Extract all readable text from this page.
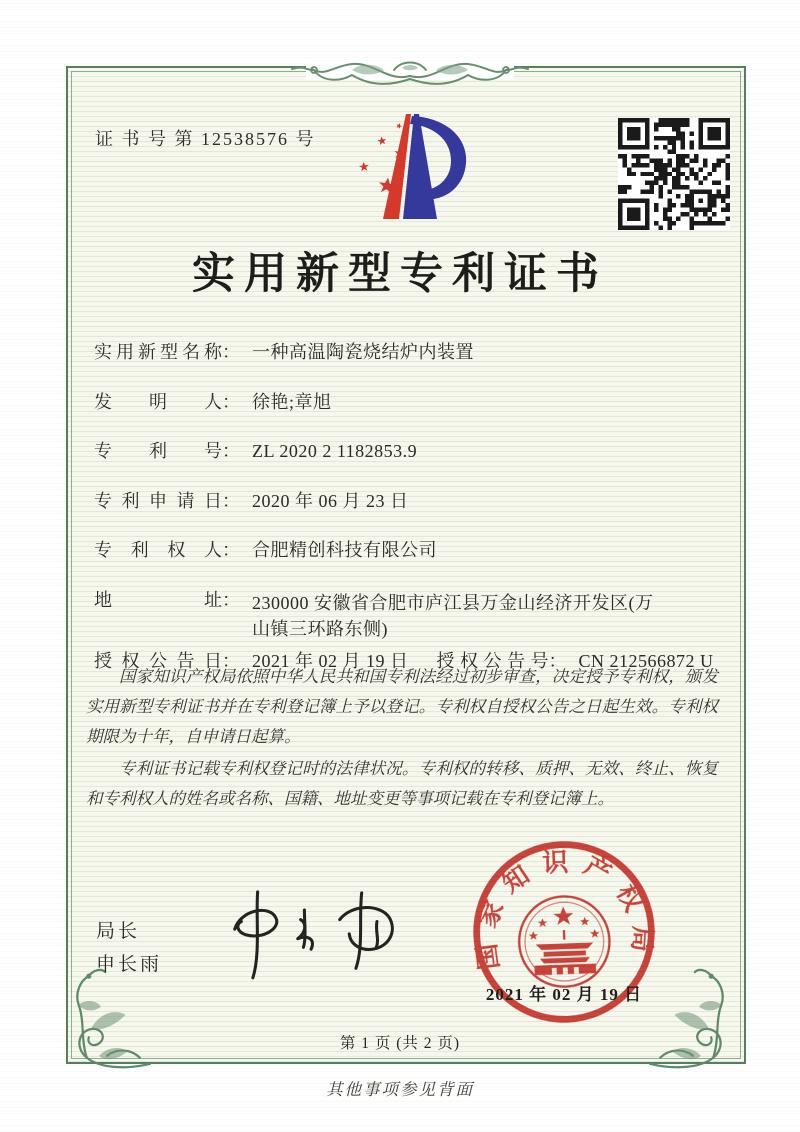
证 书 号 第 12538576 号
实用新型专利证书
实用新型名称： 一种高温陶瓷烧结炉内装置
发明人： 徐艳;章旭
专利号： ZL 2020 2 1182853.9
专利申请日： 2020 年 06 月 23 日
专利权人： 合肥精创科技有限公司
地址： 230000 安徽省合肥市庐江县万金山经济开发区(万山镇三环路东侧)
授权公告日： 2021 年 02 月 19 日 授权公告号： CN 212566872 U

国家知识产权局依照中华人民共和国专利法经过初步审查，决定授予专利权，颁发实用新型专利证书并在专利登记簿上予以登记。专利权自授权公告之日起生效。专利权期限为十年，自申请日起算。

专利证书记载专利权登记时的法律状况。专利权的转移、质押、无效、终止、恢复和专利权人的姓名或名称、国籍、地址变更等事项记载在专利登记簿上。

局长
申长雨	国家知识产权局
2021 年 02 月 19 日
第 1 页 (共 2 页)
其他事项参见背面
